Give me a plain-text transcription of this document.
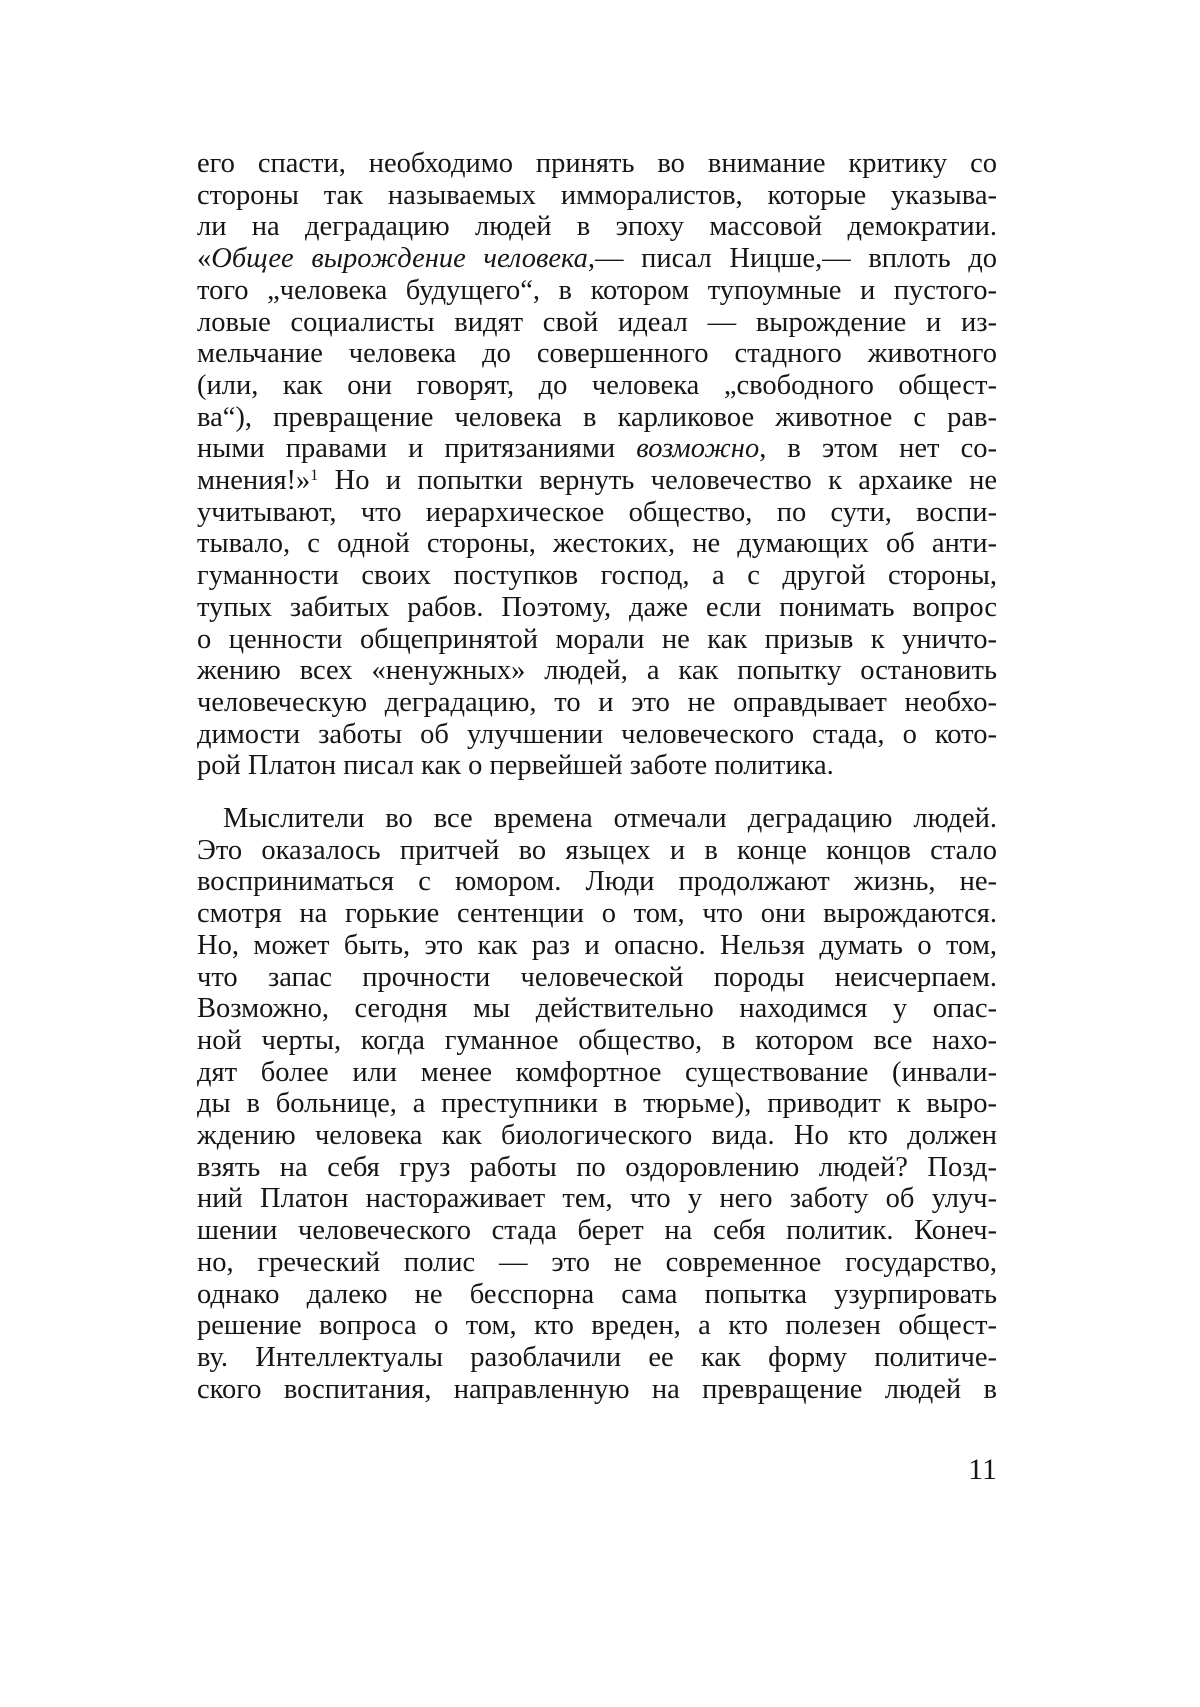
его спасти, необходимо принять во внимание критику со
стороны так называемых имморалистов, которые указыва-
ли на деградацию людей в эпоху массовой демократии.
«Общее вырождение человека,— писал Ницше,— вплоть до
того „человека будущего“, в котором тупоумные и пустого-
ловые социалисты видят свой идеал — вырождение и из-
мельчание человека до совершенного стадного животного
(или, как они говорят, до человека „свободного общест-
ва“), превращение человека в карликовое животное с рав-
ными правами и притязаниями возможно, в этом нет со-
мнения!»$^1$ Но и попытки вернуть человечество к архаике не
учитывают, что иерархическое общество, по сути, воспи-
тывало, с одной стороны, жестоких, не думающих об анти-
гуманности своих поступков господ, а с другой стороны,
тупых забитых рабов. Поэтому, даже если понимать вопрос
о ценности общепринятой морали не как призыв к уничто-
жению всех «ненужных» людей, а как попытку остановить
человеческую деградацию, то и это не оправдывает необхо-
димости заботы об улучшении человеческого стада, о кото-
рой Платон писал как о первейшей заботе политика.
Мыслители во все времена отмечали деградацию людей.
Это оказалось притчей во языцех и в конце концов стало
восприниматься с юмором. Люди продолжают жизнь, не-
смотря на горькие сентенции о том, что они вырождаются.
Но, может быть, это как раз и опасно. Нельзя думать о том,
что запас прочности человеческой породы неисчерпаем.
Возможно, сегодня мы действительно находимся у опас-
ной черты, когда гуманное общество, в котором все нахо-
дят более или менее комфортное существование (инвали-
ды в больнице, а преступники в тюрьме), приводит к выро-
ждению человека как биологического вида. Но кто должен
взять на себя груз работы по оздоровлению людей? Позд-
ний Платон настораживает тем, что у него заботу об улуч-
шении человеческого стада берет на себя политик. Конеч-
но, греческий полис — это не современное государство,
однако далеко не бесспорна сама попытка узурпировать
решение вопроса о том, кто вреден, а кто полезен общест-
ву. Интеллектуалы разоблачили ее как форму политиче-
ского воспитания, направленную на превращение людей в
11
